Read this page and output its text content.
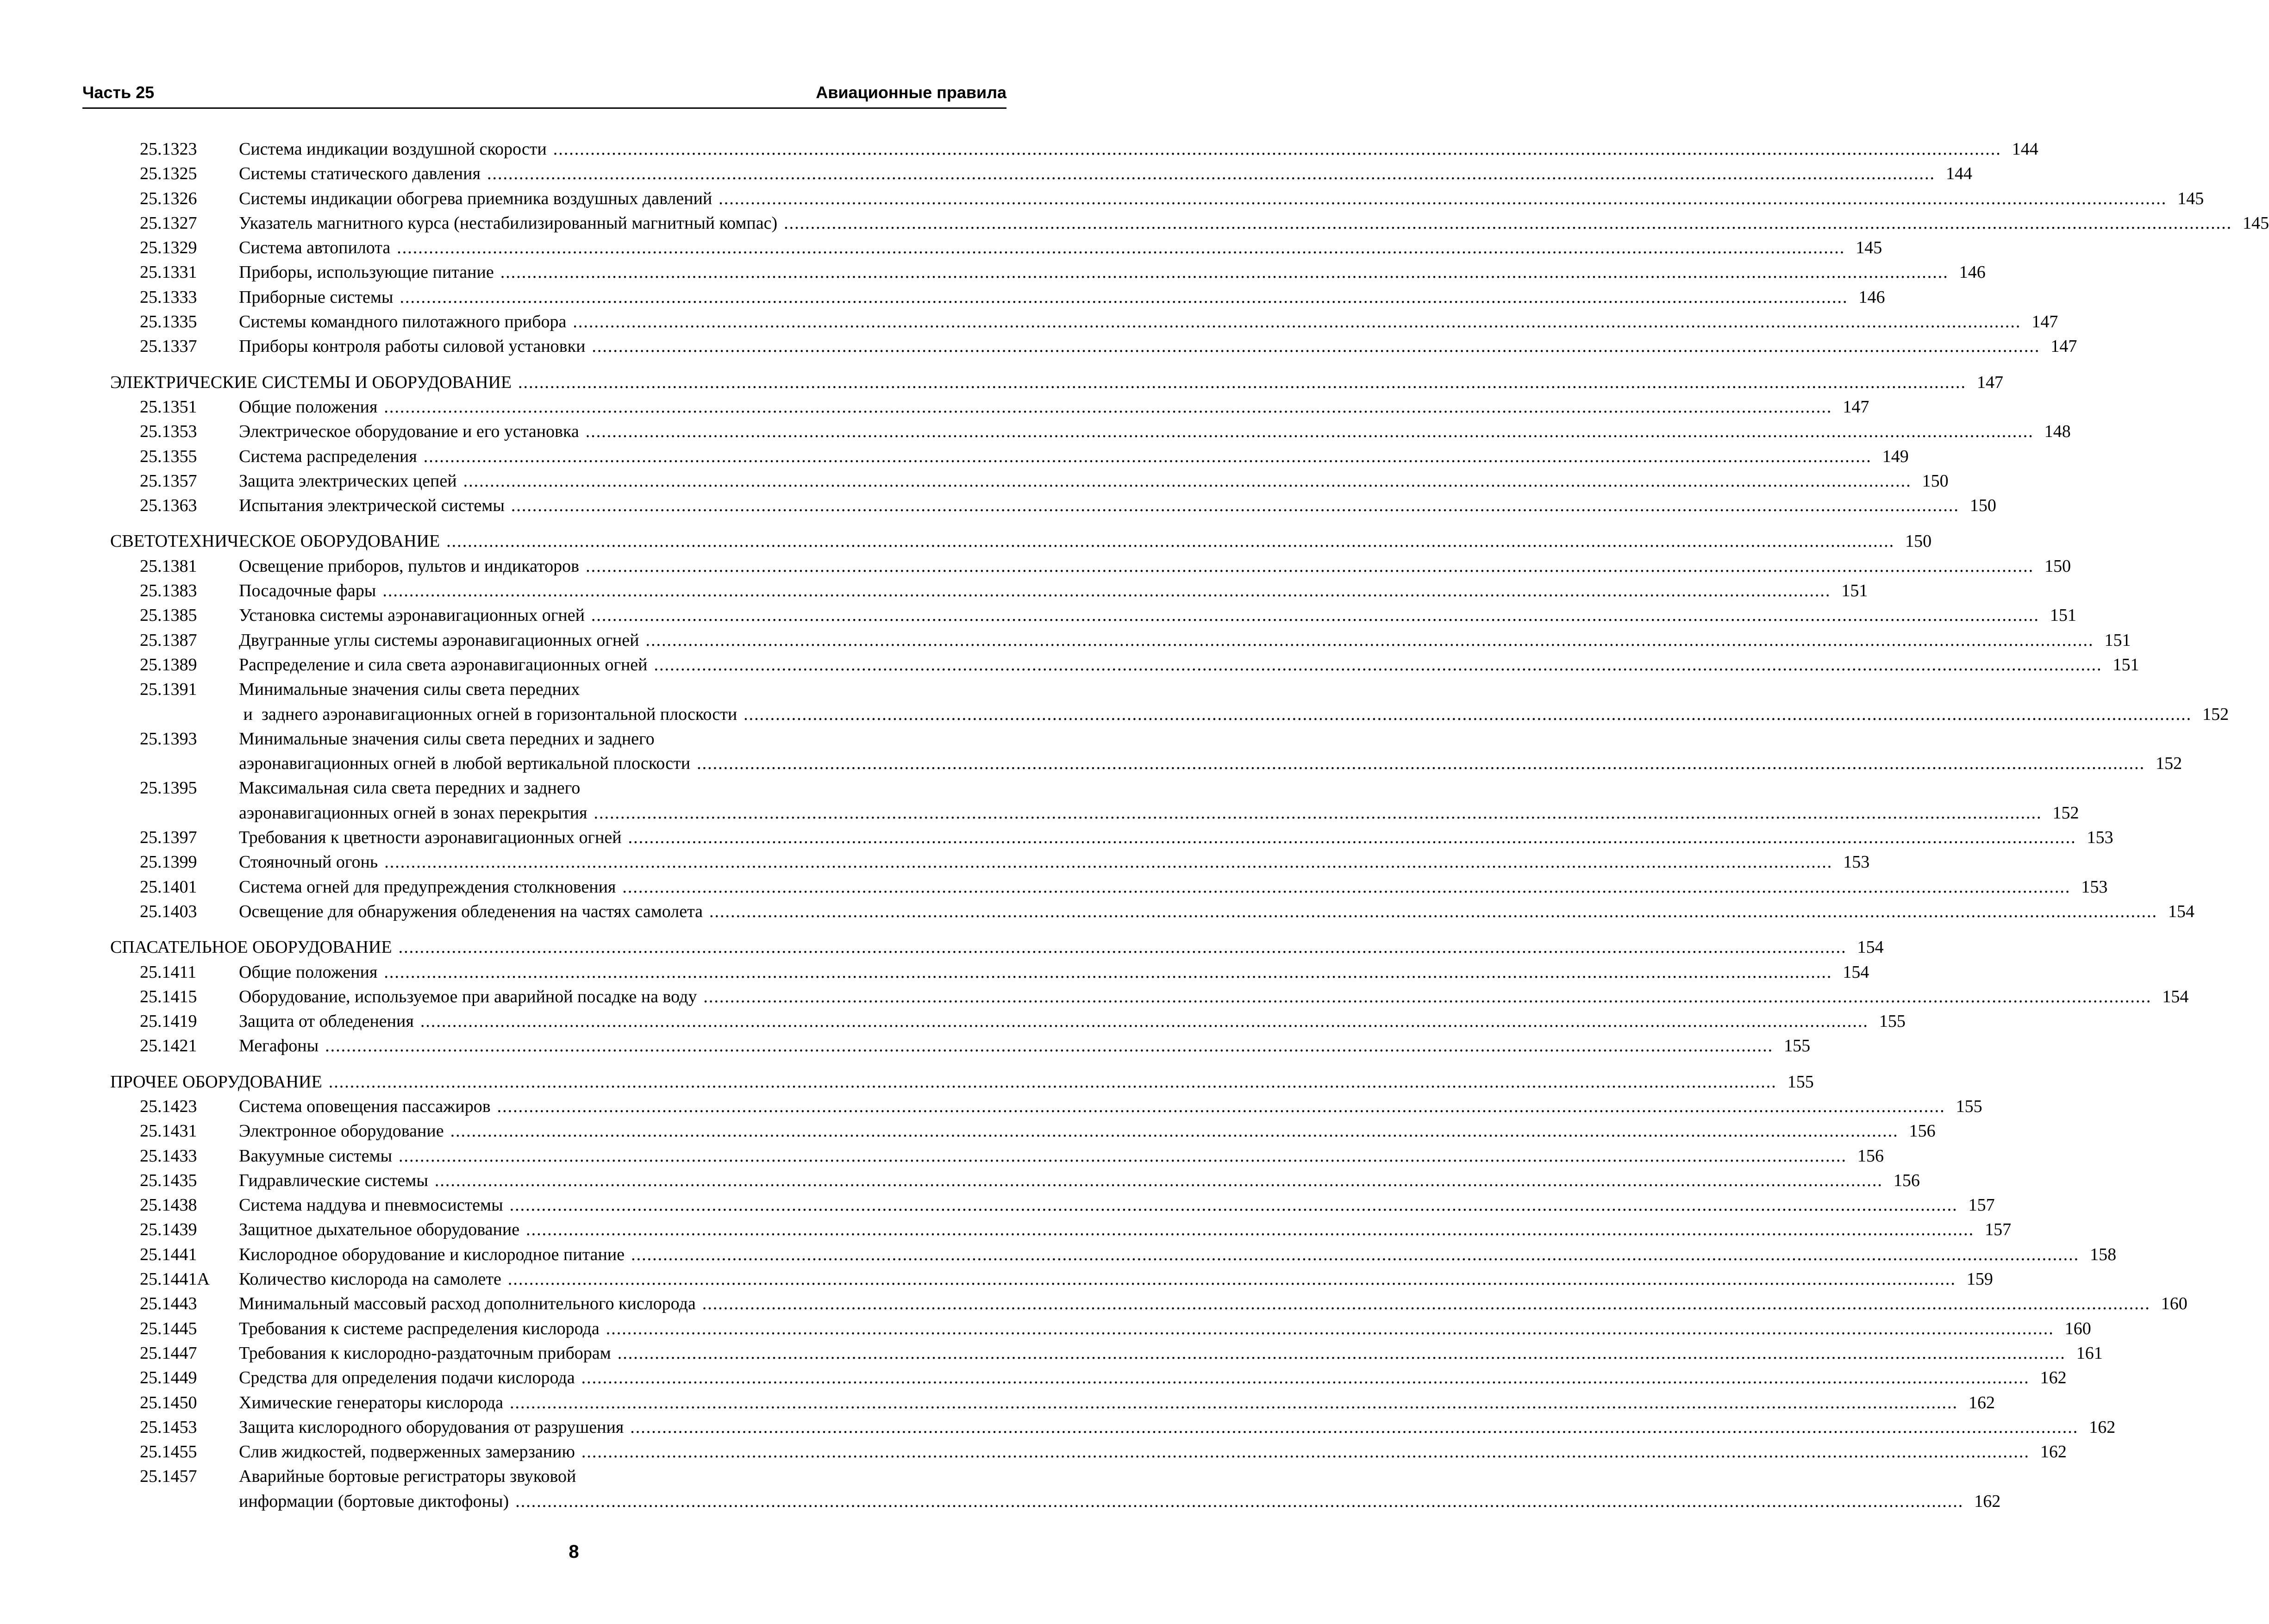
Часть 25	Авиационные правила
25.1323	Система индикации воздушной скорости .....	144
25.1325	Системы статического давления .....	144
25.1326	Системы индикации обогрева приемника воздушных давлений .....	145
25.1327	Указатель магнитного курса (нестабилизированный магнитный компас) .....	145
25.1329	Система автопилота .....	145
25.1331	Приборы, использующие питание .....	146
25.1333	Приборные системы .....	146
25.1335	Системы командного пилотажного прибора .....	147
25.1337	Приборы контроля работы силовой установки .....	147
ЭЛЕКТРИЧЕСКИЕ СИСТЕМЫ И ОБОРУДОВАНИЕ .....	147
25.1351	Общие положения .....	147
25.1353	Электрическое оборудование и его установка .....	148
25.1355	Система распределения .....	149
25.1357	Защита электрических цепей .....	150
25.1363	Испытания электрической системы .....	150
СВЕТОТЕХНИЧЕСКОЕ ОБОРУДОВАНИЕ .....	150
25.1381	Освещение приборов, пультов и индикаторов .....	150
25.1383	Посадочные фары .....	151
25.1385	Установка системы аэронавигационных огней .....	151
25.1387	Двугранные углы системы аэронавигационных огней .....	151
25.1389	Распределение и сила света аэронавигационных огней .....	151
25.1391	Минимальные значения силы света передних
и  заднего аэронавигационных огней в горизонтальной плоскости .....	152
25.1393	Минимальные значения силы света передних и заднего
аэронавигационных огней в любой вертикальной плоскости .....	152
25.1395	Максимальная сила света передних и заднего
аэронавигационных огней в зонах перекрытия .....	152
25.1397	Требования к цветности аэронавигационных огней .....	153
25.1399	Стояночный огонь .....	153
25.1401	Система огней для предупреждения столкновения .....	153
25.1403	Освещение для обнаружения обледенения на частях самолета .....	154
СПАСАТЕЛЬНОЕ ОБОРУДОВАНИЕ .....	154
25.1411	Общие положения .....	154
25.1415	Оборудование, используемое при аварийной посадке на воду .....	154
25.1419	Защита от обледенения .....	155
25.1421	Мегафоны .....	155
ПРОЧЕЕ ОБОРУДОВАНИЕ .....	155
25.1423	Система оповещения пассажиров .....	155
25.1431	Электронное оборудование .....	156
25.1433	Вакуумные системы .....	156
25.1435	Гидравлические системы .....	156
25.1438	Система наддува и пневмосистемы .....	157
25.1439	Защитное дыхательное оборудование .....	157
25.1441	Кислородное оборудование и кислородное питание .....	158
25.1441А	Количество кислорода на самолете .....	159
25.1443	Минимальный массовый расход дополнительного кислорода .....	160
25.1445	Требования к системе распределения кислорода .....	160
25.1447	Требования к кислородно-раздаточным приборам .....	161
25.1449	Средства для определения подачи кислорода .....	162
25.1450	Химические генераторы кислорода .....	162
25.1453	Защита кислородного оборудования от разрушения .....	162
25.1455	Слив жидкостей, подверженных замерзанию .....	162
25.1457	Аварийные бортовые регистраторы звуковой
информации (бортовые диктофоны) .....	162
8
